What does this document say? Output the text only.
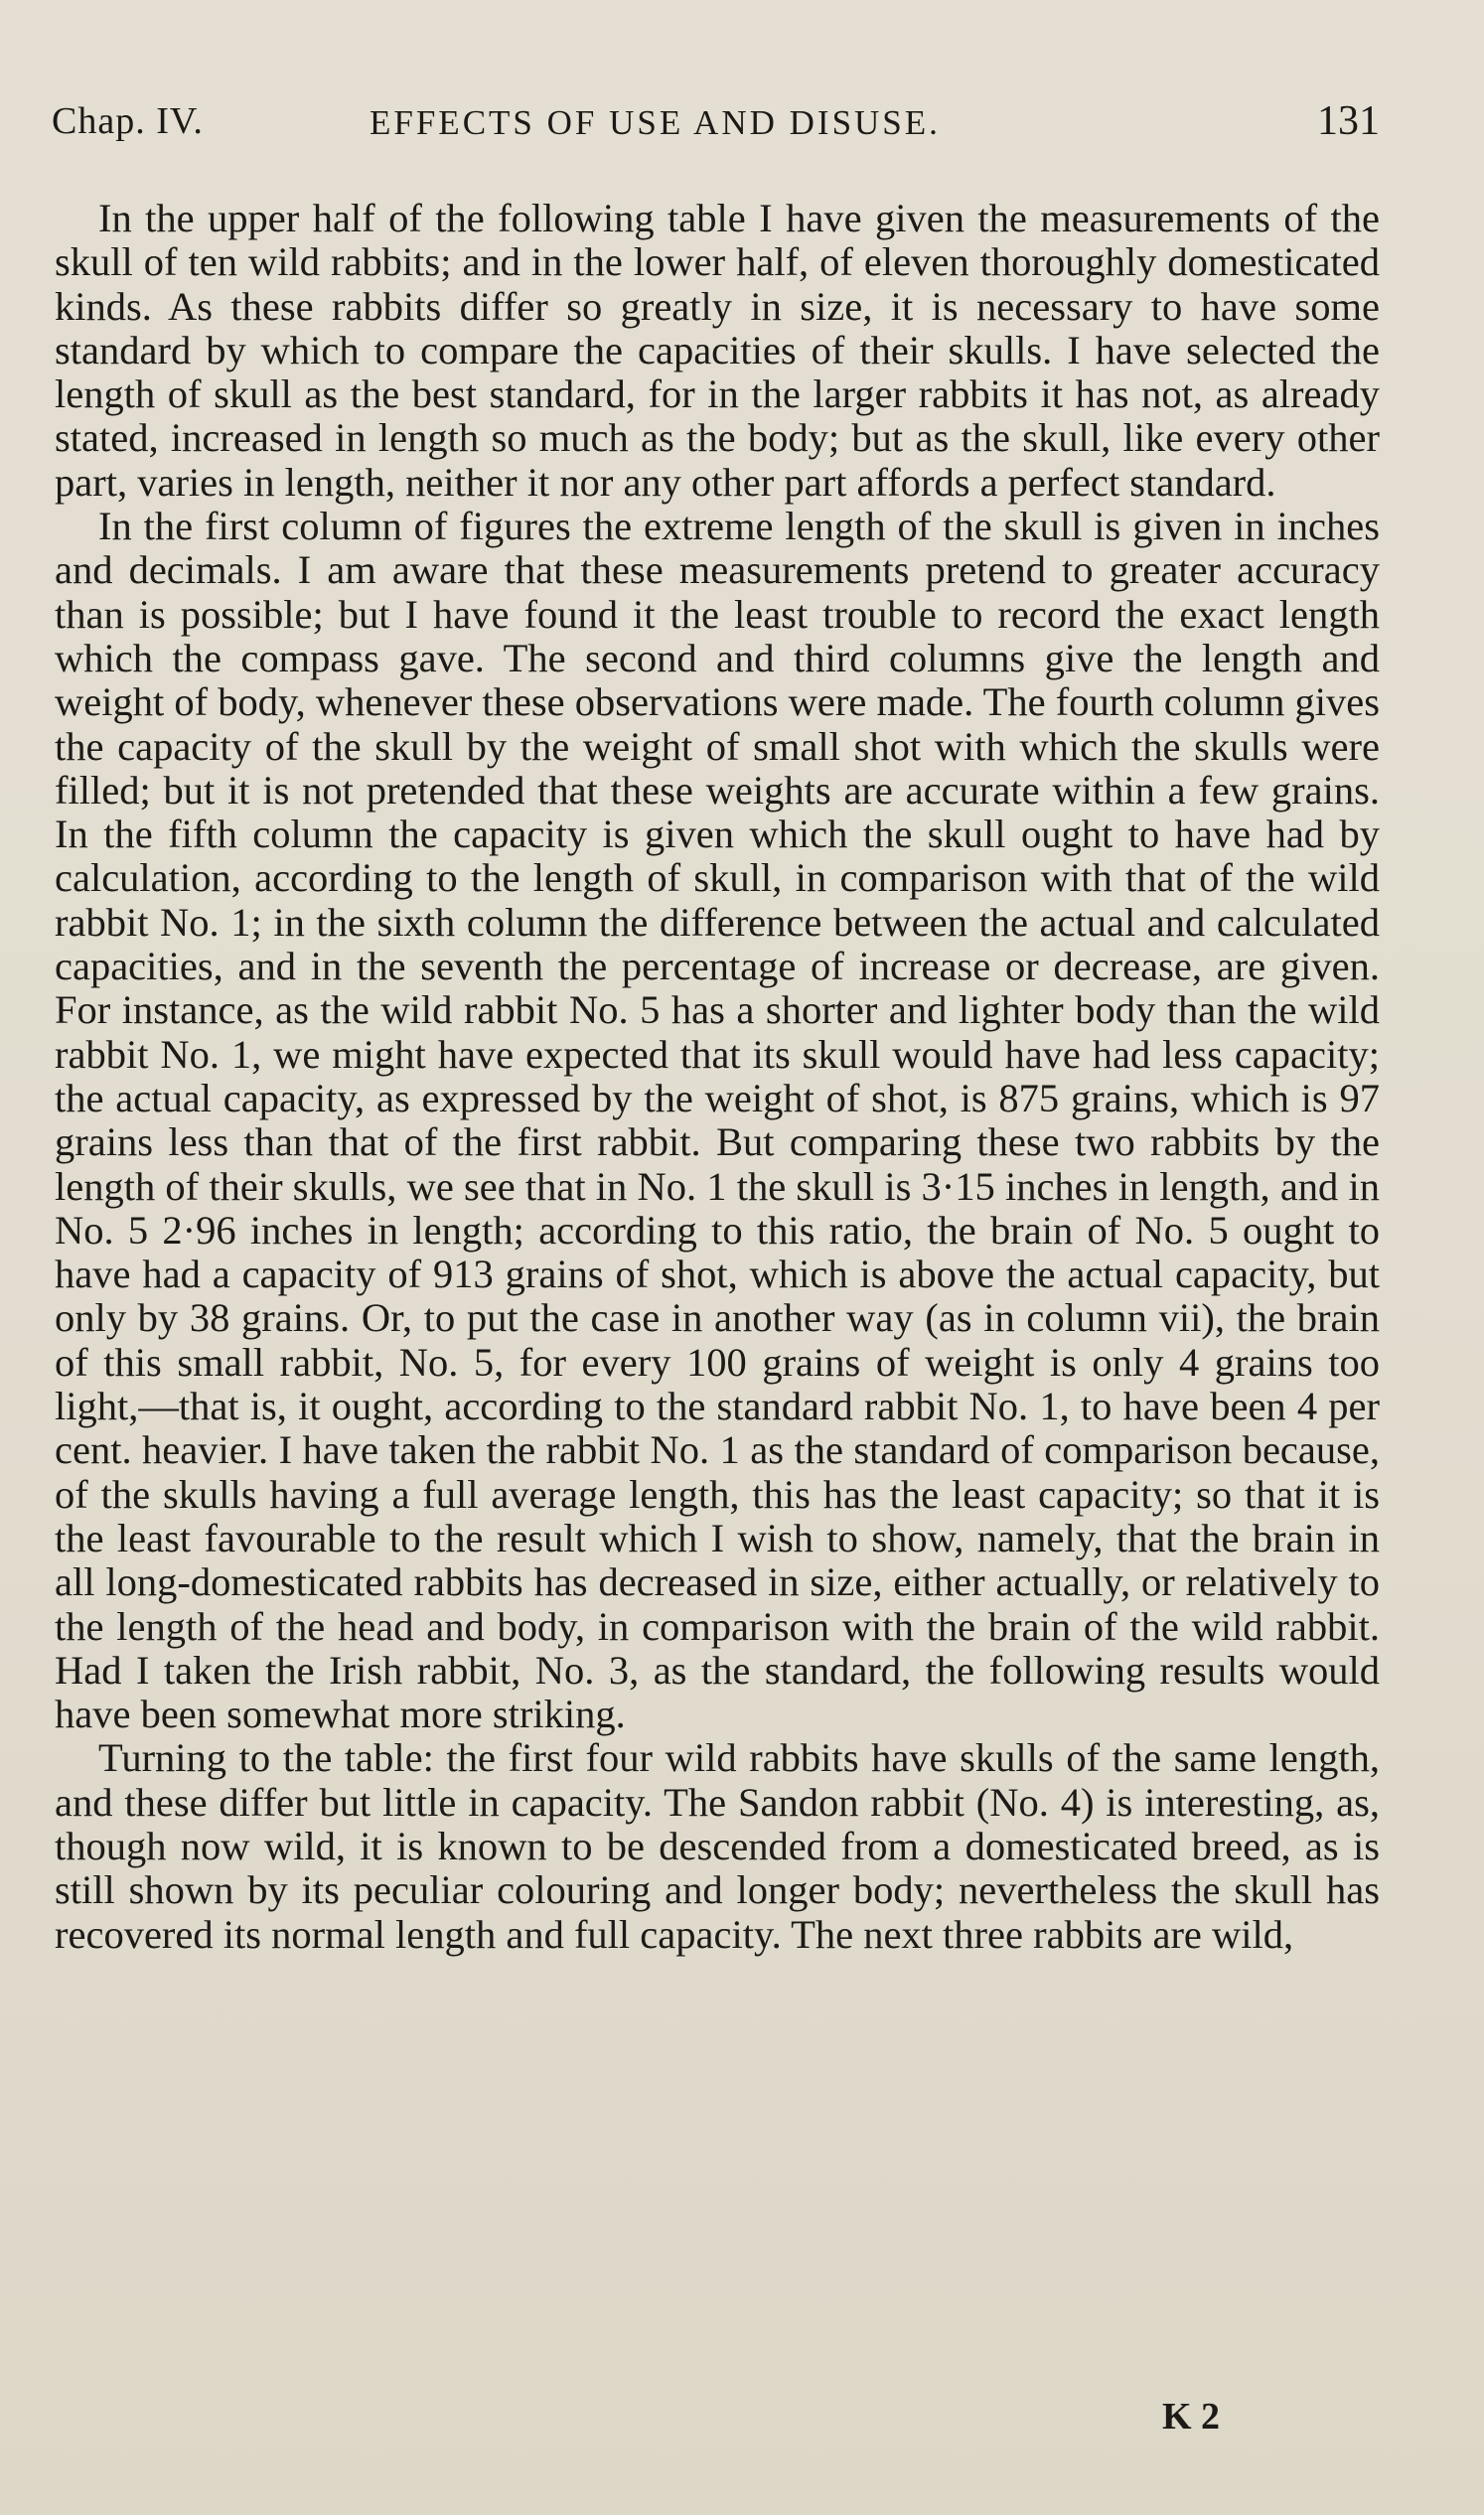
Chap. IV.	EFFECTS OF USE AND DISUSE.	131

In the upper half of the following table I have given the measurements of the skull of ten wild rabbits; and in the lower half, of eleven thoroughly domesticated kinds. As these rabbits differ so greatly in size, it is necessary to have some standard by which to compare the capacities of their skulls. I have selected the length of skull as the best standard, for in the larger rabbits it has not, as already stated, increased in length so much as the body; but as the skull, like every other part, varies in length, neither it nor any other part affords a perfect standard.

In the first column of figures the extreme length of the skull is given in inches and decimals. I am aware that these measurements pretend to greater accuracy than is possible; but I have found it the least trouble to record the exact length which the compass gave. The second and third columns give the length and weight of body, whenever these observations were made. The fourth column gives the capacity of the skull by the weight of small shot with which the skulls were filled; but it is not pretended that these weights are accurate within a few grains. In the fifth column the capacity is given which the skull ought to have had by calculation, according to the length of skull, in comparison with that of the wild rabbit No. 1; in the sixth column the difference between the actual and calculated capacities, and in the seventh the percentage of increase or decrease, are given. For instance, as the wild rabbit No. 5 has a shorter and lighter body than the wild rabbit No. 1, we might have expected that its skull would have had less capacity; the actual capacity, as expressed by the weight of shot, is 875 grains, which is 97 grains less than that of the first rabbit. But comparing these two rabbits by the length of their skulls, we see that in No. 1 the skull is 3·15 inches in length, and in No. 5 2·96 inches in length; according to this ratio, the brain of No. 5 ought to have had a capacity of 913 grains of shot, which is above the actual capacity, but only by 38 grains. Or, to put the case in another way (as in column vii), the brain of this small rabbit, No. 5, for every 100 grains of weight is only 4 grains too light,—that is, it ought, according to the standard rabbit No. 1, to have been 4 per cent. heavier. I have taken the rabbit No. 1 as the standard of comparison because, of the skulls having a full average length, this has the least capacity; so that it is the least favourable to the result which I wish to show, namely, that the brain in all long-domesticated rabbits has decreased in size, either actually, or relatively to the length of the head and body, in comparison with the brain of the wild rabbit. Had I taken the Irish rabbit, No. 3, as the standard, the following results would have been somewhat more striking.

Turning to the table: the first four wild rabbits have skulls of the same length, and these differ but little in capacity. The Sandon rabbit (No. 4) is interesting, as, though now wild, it is known to be descended from a domesticated breed, as is still shown by its peculiar colouring and longer body; nevertheless the skull has recovered its normal length and full capacity. The next three rabbits are wild,

K 2
